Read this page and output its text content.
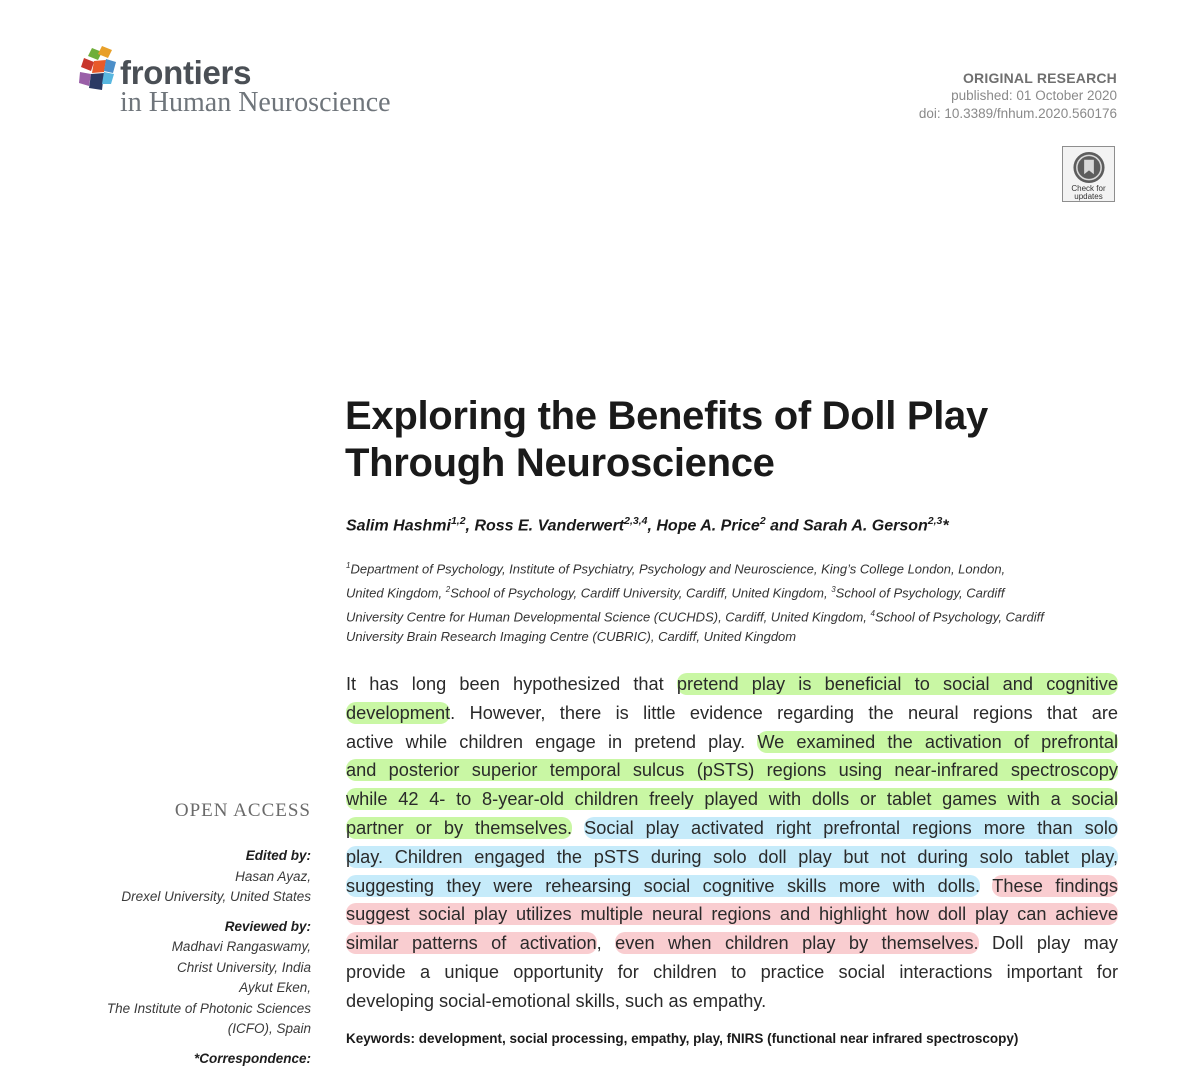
frontiers
in Human Neuroscience
ORIGINAL RESEARCH
published: 01 October 2020
doi: 10.3389/fnhum.2020.560176
Check for
updates
Exploring the Benefits of Doll Play
Through Neuroscience
Salim Hashmi$^{1,2}$, Ross E. Vanderwert$^{2,3,4}$, Hope A. Price$^2$ and Sarah A. Gerson$^{2,3}$*
$^1$Department of Psychology, Institute of Psychiatry, Psychology and Neuroscience, King’s College London, London,
United Kingdom, $^2$School of Psychology, Cardiff University, Cardiff, United Kingdom, $^3$School of Psychology, Cardiff
University Centre for Human Developmental Science (CUCHDS), Cardiff, United Kingdom, $^4$School of Psychology, Cardiff
University Brain Research Imaging Centre (CUBRIC), Cardiff, United Kingdom
It has long been hypothesized that pretend play is beneficial to social and cognitive
development. However, there is little evidence regarding the neural regions that are
active while children engage in pretend play. We examined the activation of prefrontal
and posterior superior temporal sulcus (pSTS) regions using near-infrared spectroscopy
while 42 4- to 8-year-old children freely played with dolls or tablet games with a social
partner or by themselves. Social play activated right prefrontal regions more than solo
play. Children engaged the pSTS during solo doll play but not during solo tablet play,
suggesting they were rehearsing social cognitive skills more with dolls. These findings
suggest social play utilizes multiple neural regions and highlight how doll play can achieve
similar patterns of activation, even when children play by themselves. Doll play may
provide a unique opportunity for children to practice social interactions important for
developing social-emotional skills, such as empathy.
Keywords: development, social processing, empathy, play, fNIRS (functional near infrared spectroscopy)
OPEN ACCESS
Edited by:
Hasan Ayaz,
Drexel University, United States
Reviewed by:
Madhavi Rangaswamy,
Christ University, India
Aykut Eken,
The Institute of Photonic Sciences
(ICFO), Spain
*Correspondence:
